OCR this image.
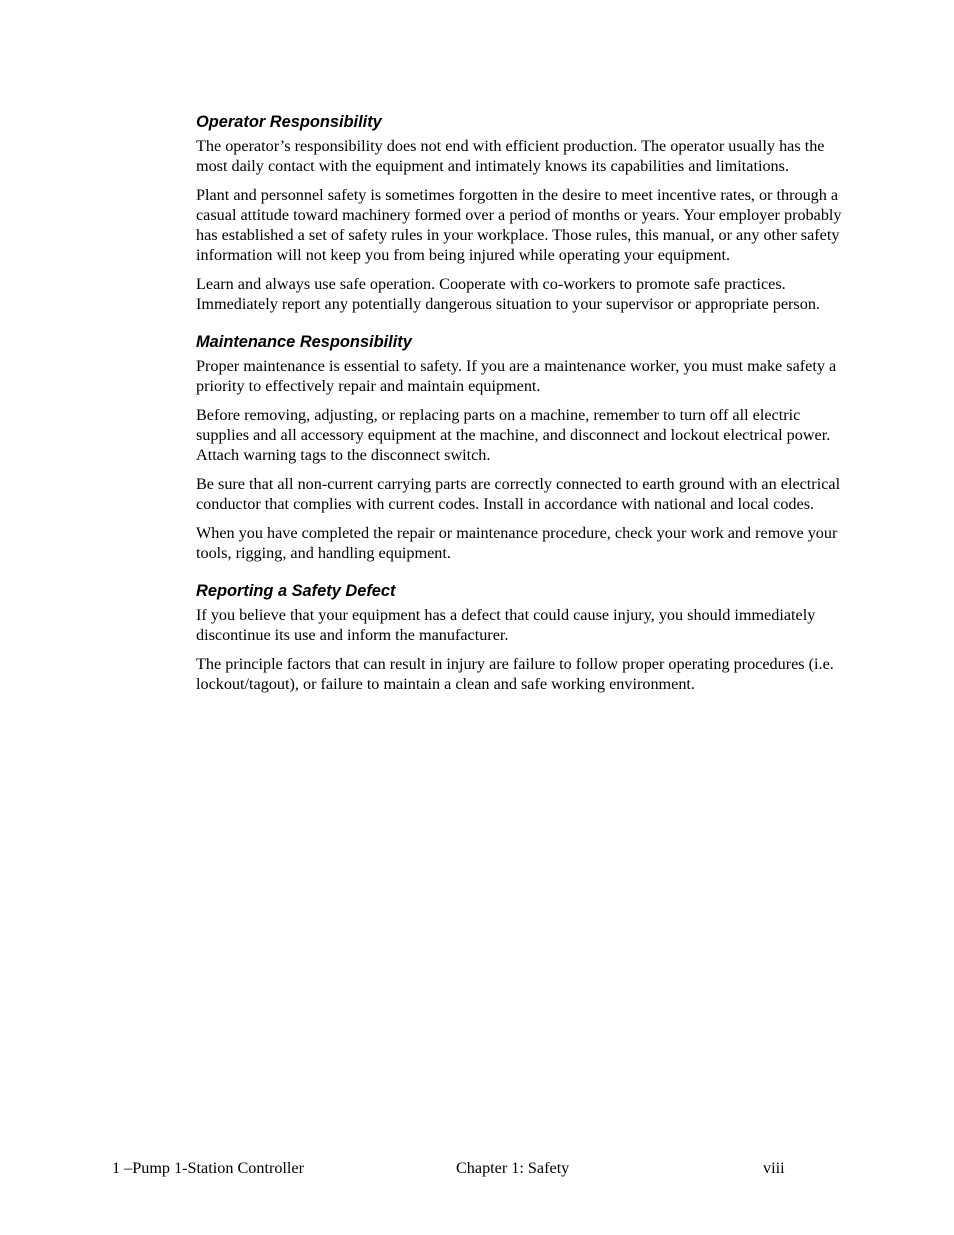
Operator Responsibility

The operator’s responsibility does not end with efficient production. The operator usually has the most daily contact with the equipment and intimately knows its capabilities and limitations.

Plant and personnel safety is sometimes forgotten in the desire to meet incentive rates, or through a casual attitude toward machinery formed over a period of months or years. Your employer probably has established a set of safety rules in your workplace. Those rules, this manual, or any other safety information will not keep you from being injured while operating your equipment.

Learn and always use safe operation. Cooperate with co-workers to promote safe practices. Immediately report any potentially dangerous situation to your supervisor or appropriate person.

Maintenance Responsibility

Proper maintenance is essential to safety. If you are a maintenance worker, you must make safety a priority to effectively repair and maintain equipment.

Before removing, adjusting, or replacing parts on a machine, remember to turn off all electric supplies and all accessory equipment at the machine, and disconnect and lockout electrical power. Attach warning tags to the disconnect switch.

Be sure that all non-current carrying parts are correctly connected to earth ground with an electrical conductor that complies with current codes. Install in accordance with national and local codes.

When you have completed the repair or maintenance procedure, check your work and remove your tools, rigging, and handling equipment.

Reporting a Safety Defect

If you believe that your equipment has a defect that could cause injury, you should immediately discontinue its use and inform the manufacturer.

The principle factors that can result in injury are failure to follow proper operating procedures (i.e. lockout/tagout), or failure to maintain a clean and safe working environment.

1 –Pump 1-Station Controller	Chapter 1: Safety	viii
